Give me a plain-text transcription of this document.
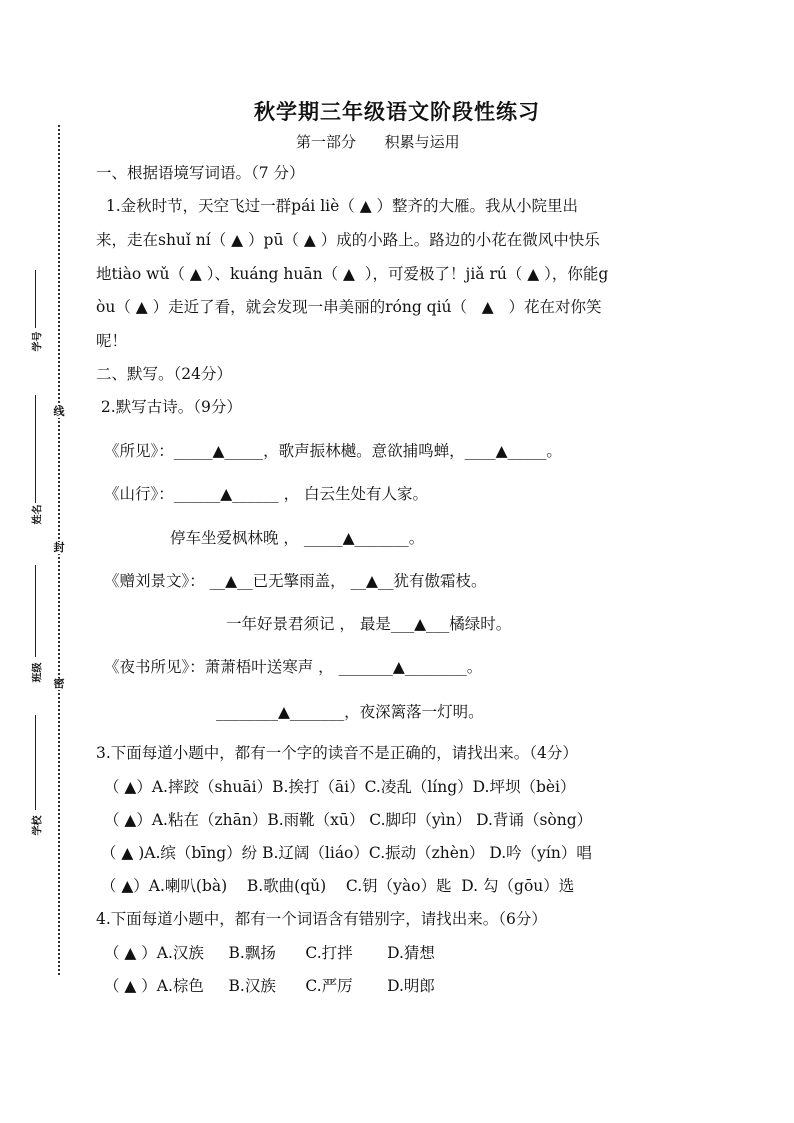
线
封
密
学号
姓名
班级
学校
秋学期三年级语文阶段性练习
第一部分      积累与运用
一、根据语境写词语。（7 分）
1.金秋时节，天空飞过一群pái liè（ ▲ ）整齐的大雁。我从小院里出
来，走在shuǐ ní（ ▲ ）pū（ ▲ ）成的小路上。路边的小花在微风中快乐
地tiào wǔ（ ▲ ）、kuáng huān（ ▲  ），可爱极了！jiǎ rú（ ▲ ），你能g
òu（ ▲ ）走近了看，就会发现一串美丽的róng qiú（   ▲   ）花在对你笑
呢！
二、默写。（24分）
2.默写古诗。（9分）
《所见》：_____▲_____，歌声振林樾。意欲捕鸣蝉，____▲_____。
《山行》：______▲______ ， 白云生处有人家。
停车坐爱枫林晚 ， _____▲_______。
《赠刘景文》： __▲__已无擎雨盖， __▲__犹有傲霜枝。
一年好景君须记 ， 最是___▲___橘绿时。
《夜书所见》：萧萧梧叶送寒声 ， _______▲________。
________▲_______，夜深篱落一灯明。
3.下面每道小题中，都有一个字的读音不是正确的，请找出来。（4分）
（ ▲）A.摔跤（shuāi）B.挨打（āi）C.凌乱（líng）D.坪坝（bèi）
（ ▲）A.粘在（zhān）B.雨靴（xū） C.脚印（yìn） D.背诵（sòng）
（ ▲ )A.缤（bīng）纷 B.辽阔（liáo）C.振动（zhèn） D.吟（yín）唱
（ ▲）A.喇叭(bà)    B.歌曲(qǔ)    C.钥（yào）匙  D. 勾（gōu）选
4.下面每道小题中，都有一个词语含有错别字，请找出来。（6分）
（ ▲ ）A.汉族     B.飘扬      C.打拌       D.猜想
（ ▲ ）A.棕色     B.汉族      C.严厉       D.明郎
